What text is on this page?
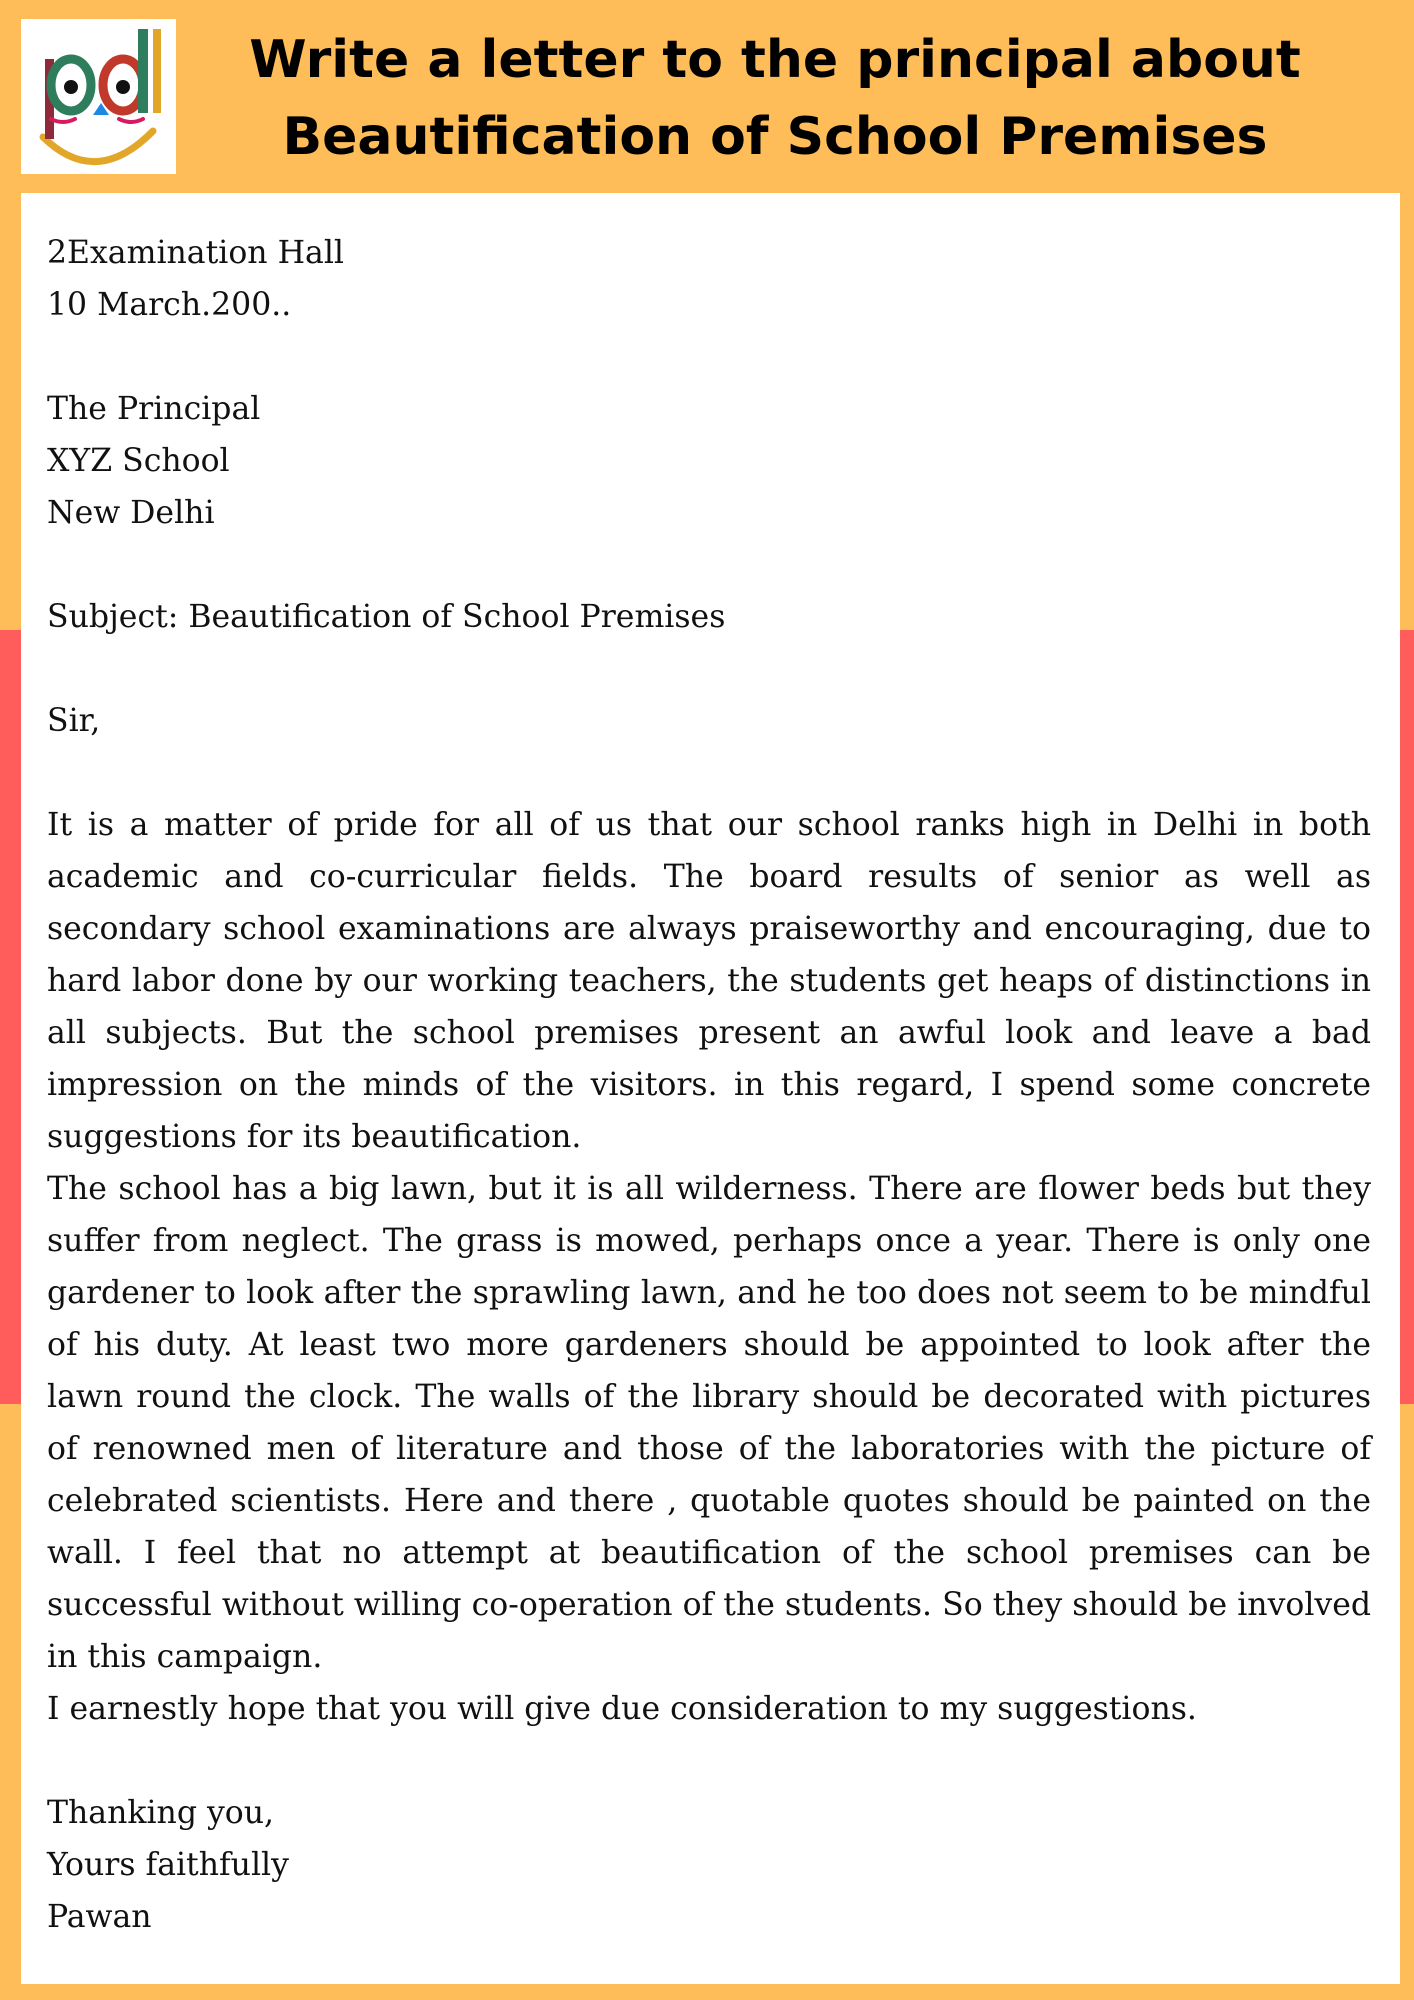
Write a letter to the principal about
Beautification of School Premises
2Examination Hall
10 March.200..
The Principal
XYZ School
New Delhi
Subject: Beautification of School Premises
Sir,

It is a matter of pride for all of us that our school ranks high in Delhi in both academic and co-curricular fields. The board results of senior as well as secondary school examinations are always praiseworthy and encouraging, due to hard labor done by our working teachers, the students get heaps of distinctions in all subjects. But the school premises present an awful look and leave a bad impression on the minds of the visitors. in this regard, I spend some concrete suggestions for its beautification.

The school has a big lawn, but it is all wilderness. There are flower beds but they suffer from neglect. The grass is mowed, perhaps once a year. There is only one gardener to look after the sprawling lawn, and he too does not seem to be mindful of his duty. At least two more gardeners should be appointed to look after the lawn round the clock. The walls of the library should be decorated with pictures of renowned men of literature and those of the laboratories with the picture of celebrated scientists. Here and there , quotable quotes should be painted on the wall. I feel that no attempt at beautification of the school premises can be successful without willing co-operation of the students. So they should be involved in this campaign.

I earnestly hope that you will give due consideration to my suggestions.

Thanking you,
Yours faithfully
Pawan
